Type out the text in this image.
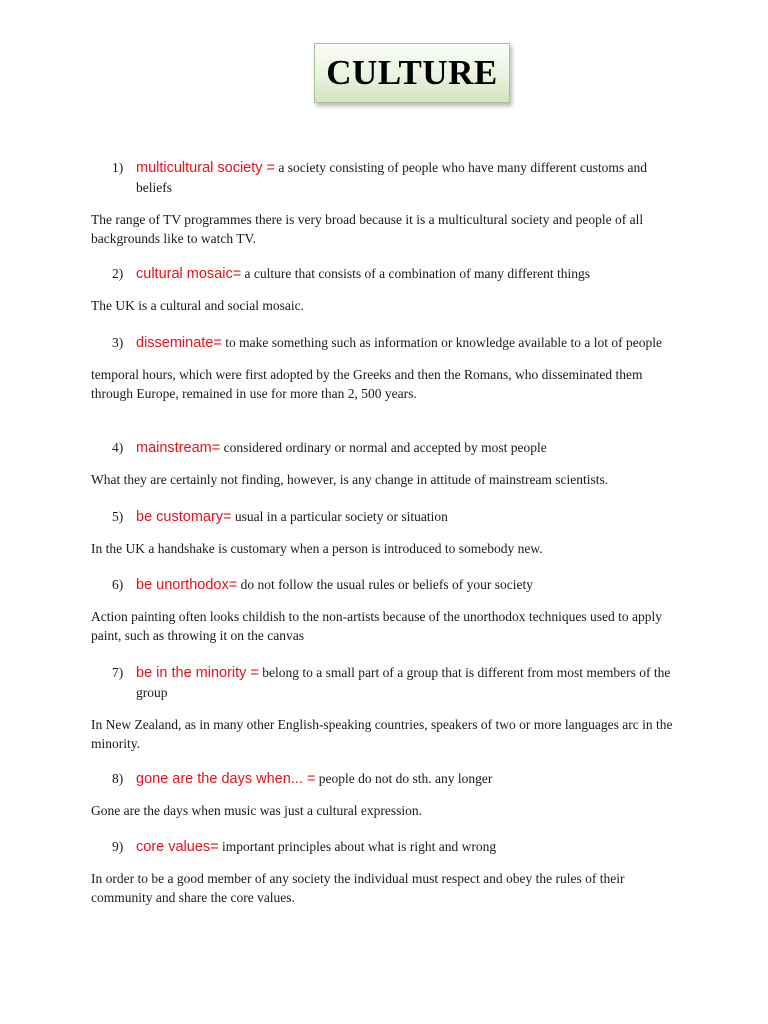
CULTURE
1) multicultural society = a society consisting of people who have many different customs and beliefs
The range of TV programmes there is very broad because it is a multicultural society and people of all backgrounds like to watch TV.
2) cultural mosaic= a culture that consists of a combination of many different things
The UK is a cultural and social mosaic.
3) disseminate= to make something such as information or knowledge available to a lot of people
temporal hours, which were first adopted by the Greeks and then the Romans, who disseminated them through Europe, remained in use for more than 2, 500 years.
4) mainstream= considered ordinary or normal and accepted by most people
What they are certainly not finding, however, is any change in attitude of mainstream scientists.
5) be customary= usual in a particular society or situation
In the UK a handshake is customary when a person is introduced to somebody new.
6) be unorthodox= do not follow the usual rules or beliefs of your society
Action painting often looks childish to the non-artists because of the unorthodox techniques used to apply paint, such as throwing it on the canvas
7) be in the minority = belong to a small part of a group that is different from most members of the group
In New Zealand, as in many other English-speaking countries, speakers of two or more languages arc in the minority.
8) gone are the days when... = people do not do sth. any longer
Gone are the days when music was just a cultural expression.
9) core values= important principles about what is right and wrong
In order to be a good member of any society the individual must respect and obey the rules of their community and share the core values.
